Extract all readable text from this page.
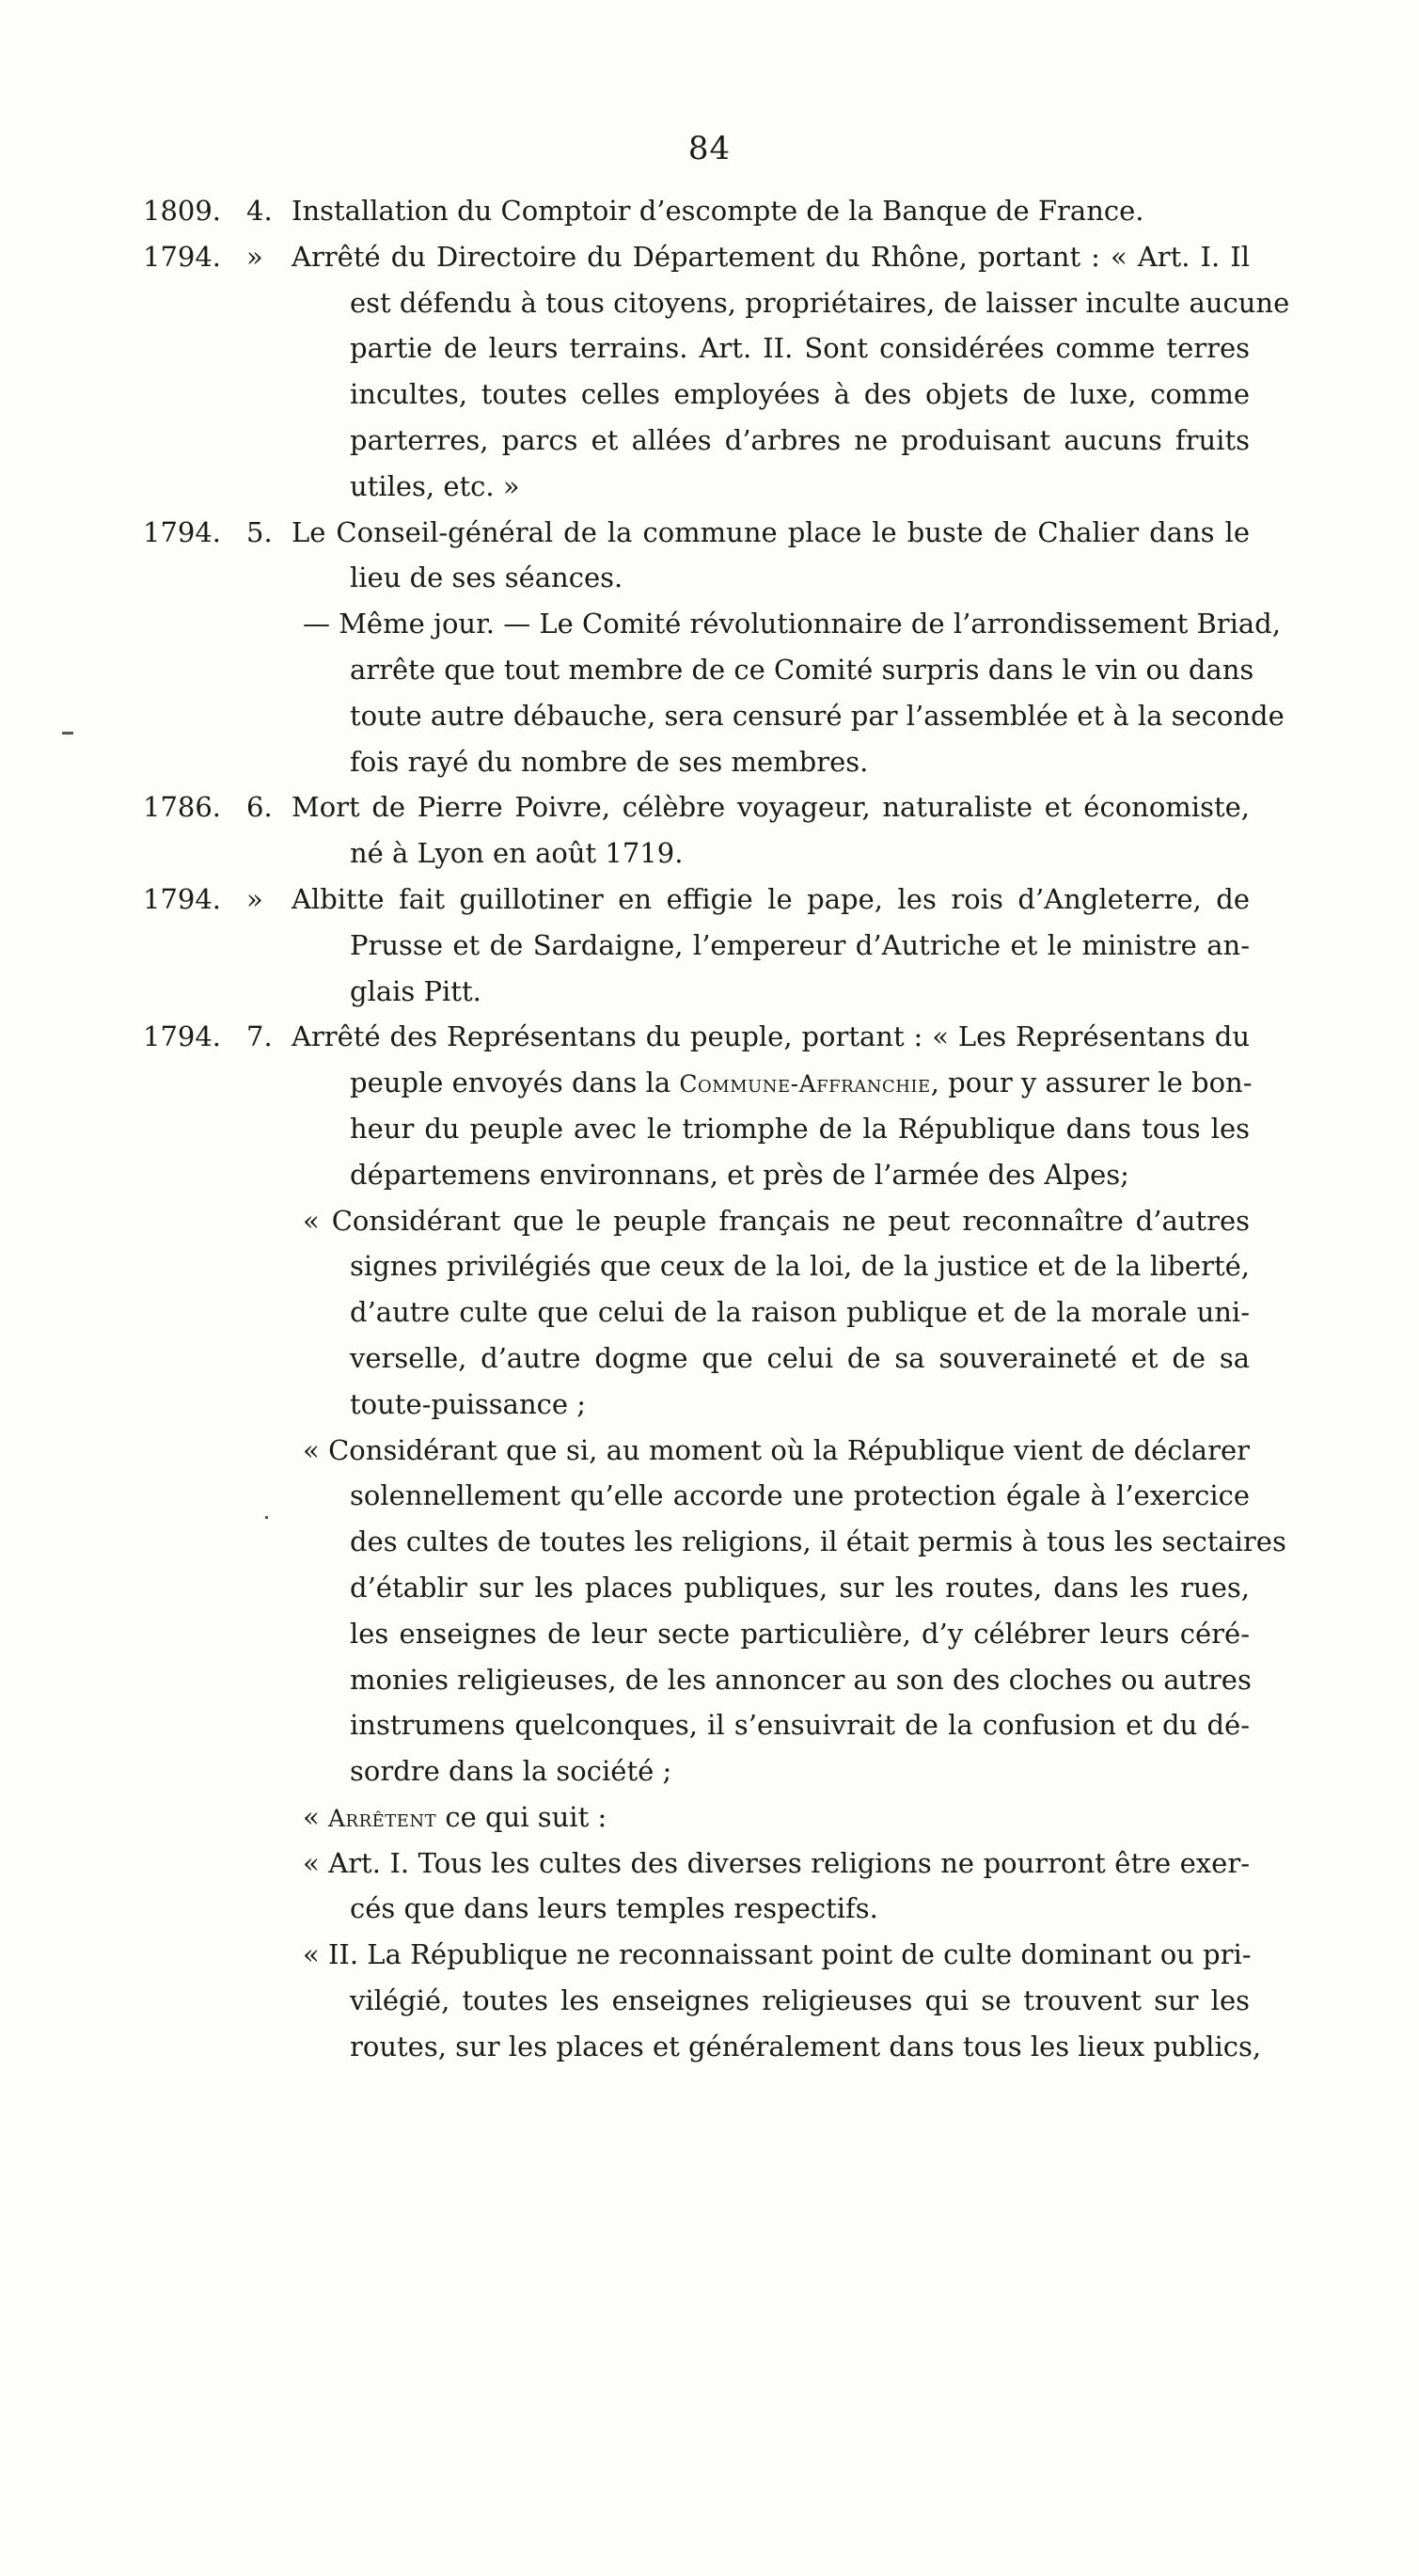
84
1809. 4. Installation du Comptoir d’escompte de la Banque de France.
1794. »	Arrêté du Directoire du Département du Rhône, portant : « Art. I. Il
est défendu à tous citoyens, propriétaires, de laisser inculte aucune
partie de leurs terrains. Art. II. Sont considérées comme terres
incultes, toutes celles employées à des objets de luxe, comme
parterres, parcs et allées d’arbres ne produisant aucuns fruits
utiles, etc. »
1794. 5. Le Conseil-général de la commune place le buste de Chalier dans le
lieu de ses séances.
— Même jour. — Le Comité révolutionnaire de l’arrondissement Briad,
arrête que tout membre de ce Comité surpris dans le vin ou dans
toute autre débauche, sera censuré par l’assemblée et à la seconde
fois rayé du nombre de ses membres.
1786. 6. Mort de Pierre Poivre, célèbre voyageur, naturaliste et économiste,
né à Lyon en août 1719.
1794. »	Albitte fait guillotiner en effigie le pape, les rois d’Angleterre, de
Prusse et de Sardaigne, l’empereur d’Autriche et le ministre an-
glais Pitt.
1794. 7. Arrêté des Représentans du peuple, portant : « Les Représentans du
peuple envoyés dans la Commune-Affranchie, pour y assurer le bon-
heur du peuple avec le triomphe de la République dans tous les
départemens environnans, et près de l’armée des Alpes;
« Considérant que le peuple français ne peut reconnaître d’autres
signes privilégiés que ceux de la loi, de la justice et de la liberté,
d’autre culte que celui de la raison publique et de la morale uni-
verselle, d’autre dogme que celui de sa souveraineté et de sa
toute-puissance ;
« Considérant que si, au moment où la République vient de déclarer
solennellement qu’elle accorde une protection égale à l’exercice
des cultes de toutes les religions, il était permis à tous les sectaires
d’établir sur les places publiques, sur les routes, dans les rues,
les enseignes de leur secte particulière, d’y célébrer leurs céré-
monies religieuses, de les annoncer au son des cloches ou autres
instrumens quelconques, il s’ensuivrait de la confusion et du dé-
sordre dans la société ;
« Arrêtent ce qui suit :
« Art. I. Tous les cultes des diverses religions ne pourront être exer-
cés que dans leurs temples respectifs.
« II. La République ne reconnaissant point de culte dominant ou pri-
vilégié, toutes les enseignes religieuses qui se trouvent sur les
routes, sur les places et généralement dans tous les lieux publics,
